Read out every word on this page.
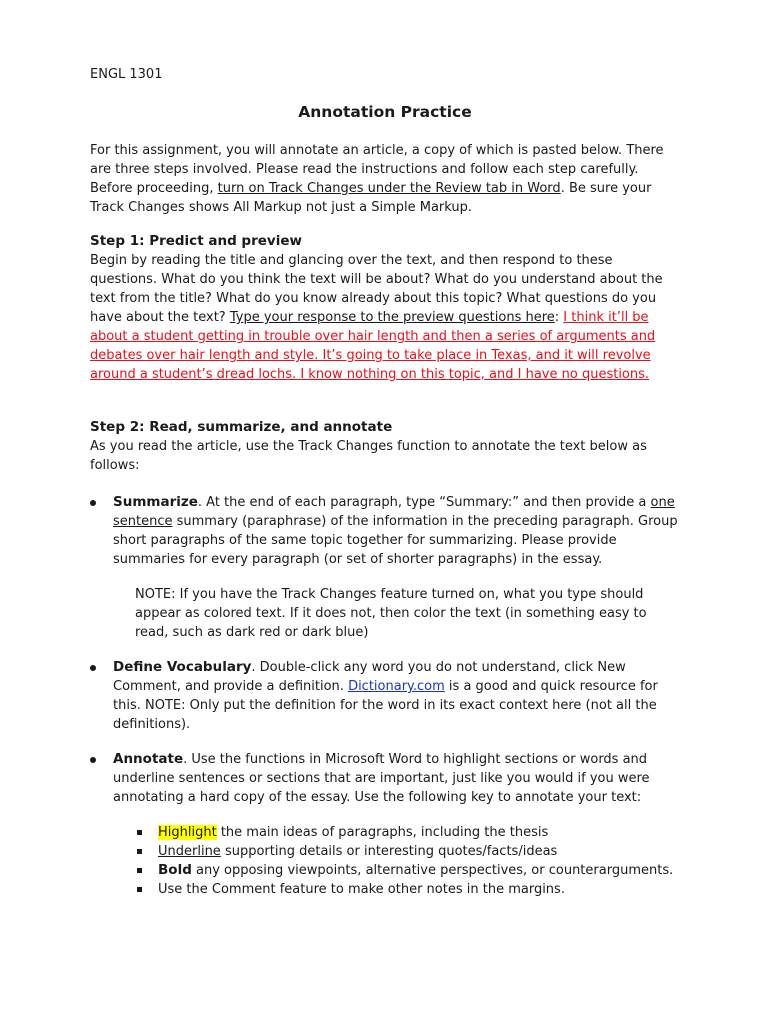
ENGL 1301

Annotation Practice

For this assignment, you will annotate an article, a copy of which is pasted below. There are three steps involved. Please read the instructions and follow each step carefully. Before proceeding, turn on Track Changes under the Review tab in Word. Be sure your Track Changes shows All Markup not just a Simple Markup.

Step 1: Predict and preview

Begin by reading the title and glancing over the text, and then respond to these questions. What do you think the text will be about? What do you understand about the text from the title? What do you know already about this topic? What questions do you have about the text? Type your response to the preview questions here: I think it’ll be about a student getting in trouble over hair length and then a series of arguments and debates over hair length and style. It’s going to take place in Texas, and it will revolve around a student’s dread lochs. I know nothing on this topic, and I have no questions.

Step 2: Read, summarize, and annotate

As you read the article, use the Track Changes function to annotate the text below as follows:

Summarize. At the end of each paragraph, type “Summary:” and then provide a one sentence summary (paraphrase) of the information in the preceding paragraph. Group short paragraphs of the same topic together for summarizing. Please provide summaries for every paragraph (or set of shorter paragraphs) in the essay.

NOTE: If you have the Track Changes feature turned on, what you type should appear as colored text. If it does not, then color the text (in something easy to read, such as dark red or dark blue)

Define Vocabulary. Double-click any word you do not understand, click New Comment, and provide a definition. Dictionary.com is a good and quick resource for this. NOTE: Only put the definition for the word in its exact context here (not all the definitions).

Annotate. Use the functions in Microsoft Word to highlight sections or words and underline sentences or sections that are important, just like you would if you were annotating a hard copy of the essay. Use the following key to annotate your text:

Highlight the main ideas of paragraphs, including the thesis
Underline supporting details or interesting quotes/facts/ideas
Bold any opposing viewpoints, alternative perspectives, or counterarguments.
Use the Comment feature to make other notes in the margins.
